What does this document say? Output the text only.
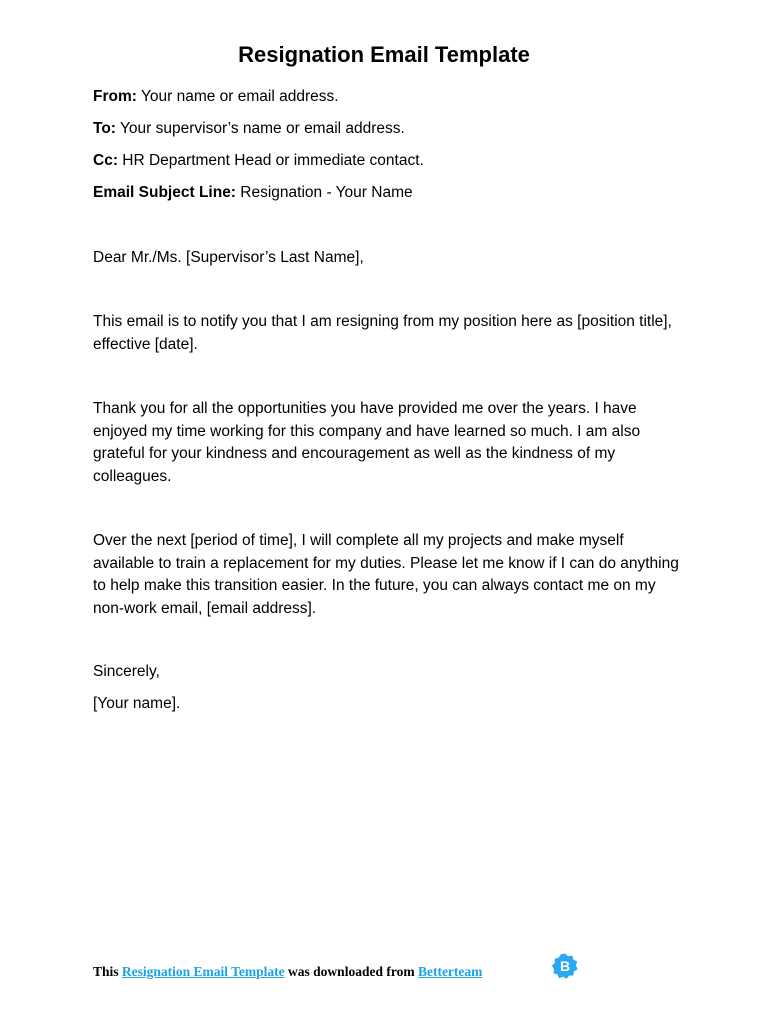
Resignation Email Template
From: Your name or email address.
To: Your supervisor’s name or email address.
Cc: HR Department Head or immediate contact.
Email Subject Line: Resignation - Your Name

Dear Mr./Ms. [Supervisor’s Last Name],

This email is to notify you that I am resigning from my position here as [position title], effective [date].

Thank you for all the opportunities you have provided me over the years. I have enjoyed my time working for this company and have learned so much. I am also grateful for your kindness and encouragement as well as the kindness of my colleagues.

Over the next [period of time], I will complete all my projects and make myself available to train a replacement for my duties. Please let me know if I can do anything to help make this transition easier. In the future, you can always contact me on my non-work email, [email address].

Sincerely,

[Your name].

This Resignation Email Template was downloaded from Betterteam	B
